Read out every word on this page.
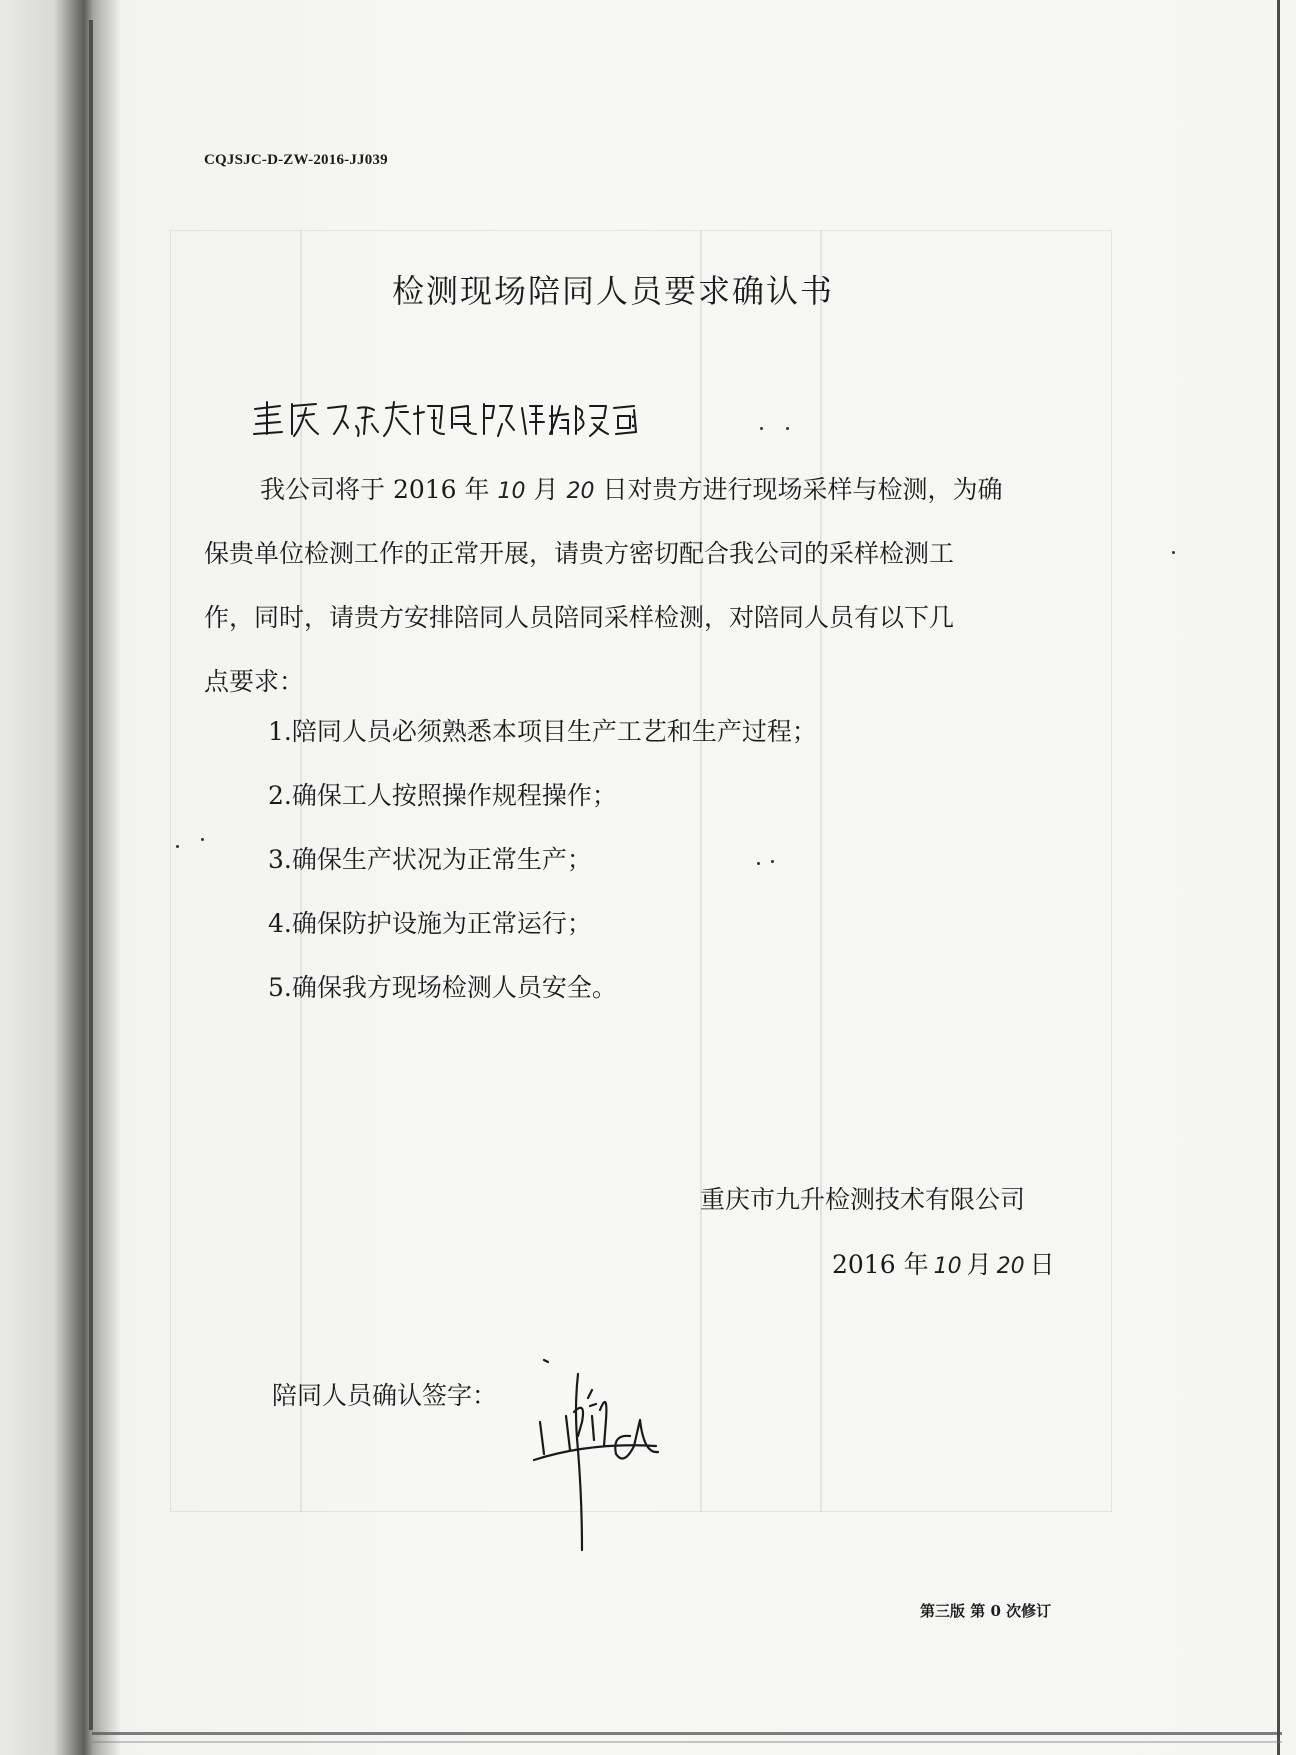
CQJSJC-D-ZW-2016-JJ039
检测现场陪同人员要求确认书
：
我公司将于 2016 年 10 月 20 日对贵方进行现场采样与检测，为确
保贵单位检测工作的正常开展，请贵方密切配合我公司的采样检测工
作，同时，请贵方安排陪同人员陪同采样检测，对陪同人员有以下几
点要求：
1.陪同人员必须熟悉本项目生产工艺和生产过程；
2.确保工人按照操作规程操作；
3.确保生产状况为正常生产；
4.确保防护设施为正常运行；
5.确保我方现场检测人员安全。
重庆市九升检测技术有限公司
2016 年 10 月 20 日
陪同人员确认签字：
第三版 第 0 次修订
